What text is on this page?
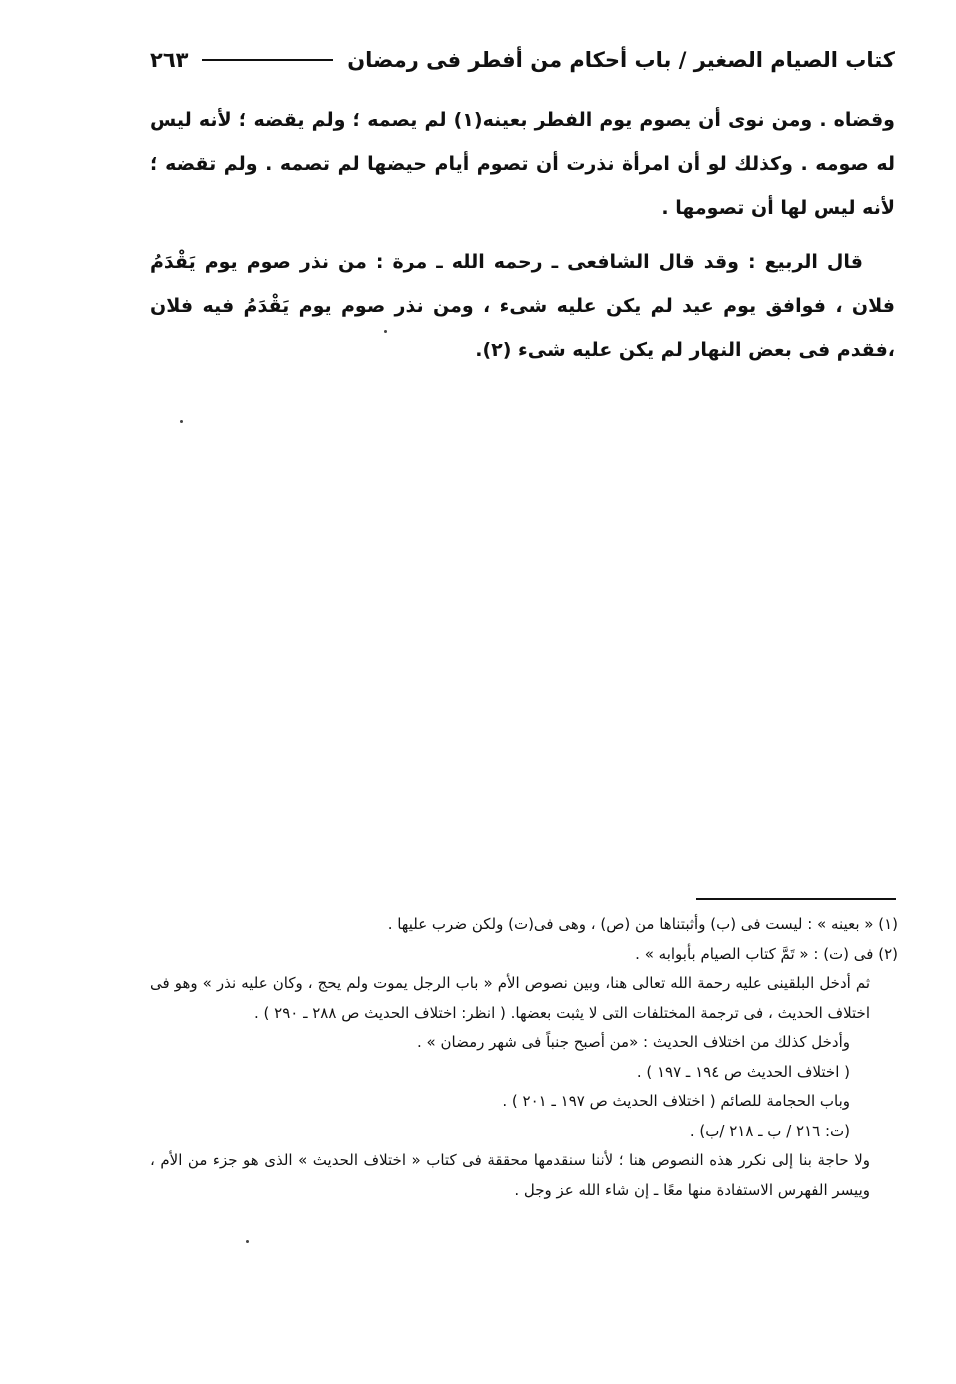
كتاب الصيام الصغير / باب أحكام من أفطر فى رمضان
٢٦٣

وقضاه . ومن نوى أن يصوم يوم الفطر بعينه(١) لم يصمه ؛ ولم يقضه ؛ لأنه ليس له صومه . وكذلك لو أن امرأة نذرت أن تصوم أيام حيضها لم تصمه . ولم تقضه ؛ لأنه ليس لها أن تصومها .

قال الربيع : وقد قال الشافعى ـ رحمه الله ـ مرة : من نذر صوم يوم يَقْدَمُ فلان ، فوافق يوم عيد لم يكن عليه شىء ، ومن نذر صوم يوم يَقْدَمُ فيه فلان ،فقدم فى بعض النهار لم يكن عليه شىء (٢).

(١) « بعينه » : ليست فى (ب) وأثبتناها من (ص) ، وهى فى(ت) ولكن ضرب عليها .

(٢) فى (ت) : « تَمَّ كتاب الصيام بأبوابه » .

ثم أدخل البلقينى عليه رحمة الله تعالى هنا، وبين نصوص الأم « باب الرجل يموت ولم يحج ، وكان عليه نذر » وهو فى اختلاف الحديث ، فى ترجمة المختلفات التى لا يثبت بعضها. ( انظر: اختلاف الحديث ص ٢٨٨ ـ ٢٩٠ ) .

وأدخل كذلك من اختلاف الحديث : «من أصبح جنباً فى شهر رمضان » .

( اختلاف الحديث ص ١٩٤ ـ ١٩٧ ) .

وباب الحجامة للصائم ( اختلاف الحديث ص ١٩٧ ـ ٢٠١ ) .

(ت: ٢١٦ / ب ـ ٢١٨ /ب) .

ولا حاجة بنا إلى نكرر هذه النصوص هنا ؛ لأننا سنقدمها محققة فى كتاب « اختلاف الحديث » الذى هو جزء من الأم ، وييسر الفهرس الاستفادة منها معًا ـ إن شاء الله عز وجل .
